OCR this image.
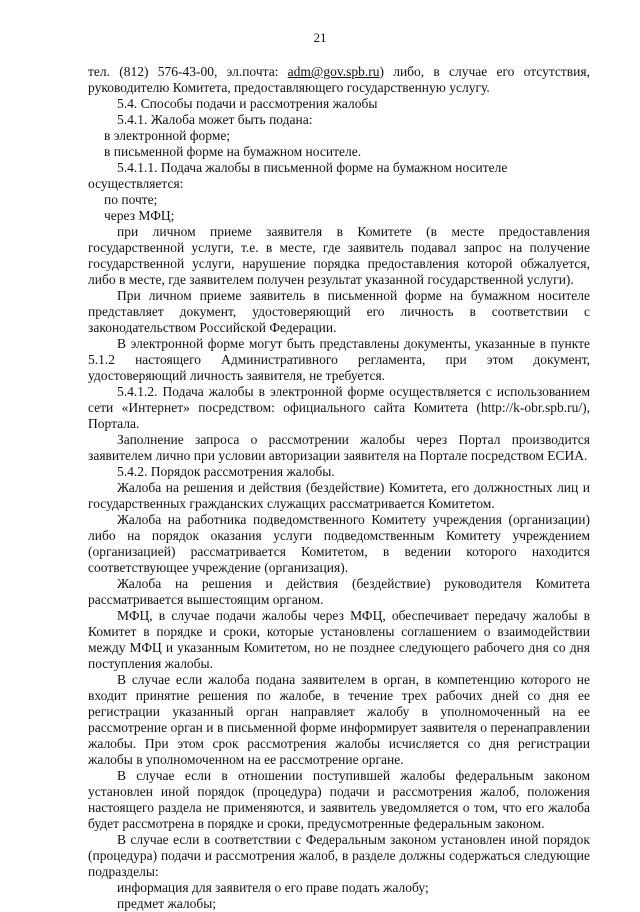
21

тел. (812) 576-43-00, эл.почта: adm@gov.spb.ru) либо, в случае его отсутствия, руководителю Комитета, предоставляющего государственную услугу.

5.4. Способы подачи и рассмотрения жалобы

5.4.1. Жалоба может быть подана:

в электронной форме;

в письменной форме на бумажном носителе.

5.4.1.1. Подача жалобы в письменной форме на бумажном носителе осуществляется:

по почте;

через МФЦ;

при личном приеме заявителя в Комитете (в месте предоставления государственной услуги, т.е. в месте, где заявитель подавал запрос на получение государственной услуги, нарушение порядка предоставления которой обжалуется, либо в месте, где заявителем получен результат указанной государственной услуги).

При личном приеме заявитель в письменной форме на бумажном носителе представляет документ, удостоверяющий его личность в соответствии с законодательством Российской Федерации.

В электронной форме могут быть представлены документы, указанные в пункте 5.1.2 настоящего Административного регламента, при этом документ, удостоверяющий личность заявителя, не требуется.

5.4.1.2. Подача жалобы в электронной форме осуществляется с использованием сети «Интернет» посредством: официального сайта Комитета (http://k-obr.spb.ru/), Портала.

Заполнение запроса о рассмотрении жалобы через Портал производится заявителем лично при условии авторизации заявителя на Портале посредством ЕСИА.

5.4.2. Порядок рассмотрения жалобы.

Жалоба на решения и действия (бездействие) Комитета, его должностных лиц и государственных гражданских служащих рассматривается Комитетом.

Жалоба на работника подведомственного Комитету учреждения (организации) либо на порядок оказания услуги подведомственным Комитету учреждением (организацией) рассматривается Комитетом, в ведении которого находится соответствующее учреждение (организация).

Жалоба на решения и действия (бездействие) руководителя Комитета рассматривается вышестоящим органом.

МФЦ, в случае подачи жалобы через МФЦ, обеспечивает передачу жалобы в Комитет в порядке и сроки, которые установлены соглашением о взаимодействии между МФЦ и указанным Комитетом, но не позднее следующего рабочего дня со дня поступления жалобы.

В случае если жалоба подана заявителем в орган, в компетенцию которого не входит принятие решения по жалобе, в течение трех рабочих дней со дня ее регистрации указанный орган направляет жалобу в уполномоченный на ее рассмотрение орган и в письменной форме информирует заявителя о перенаправлении жалобы. При этом срок рассмотрения жалобы исчисляется со дня регистрации жалобы в уполномоченном на ее рассмотрение органе.

В случае если в отношении поступившей жалобы федеральным законом установлен иной порядок (процедура) подачи и рассмотрения жалоб, положения настоящего раздела не применяются, и заявитель уведомляется о том, что его жалоба будет рассмотрена в порядке и сроки, предусмотренные федеральным законом.

В случае если в соответствии с Федеральным законом установлен иной порядок (процедура) подачи и рассмотрения жалоб, в разделе должны содержаться следующие подразделы:

информация для заявителя о его праве подать жалобу;

предмет жалобы;
